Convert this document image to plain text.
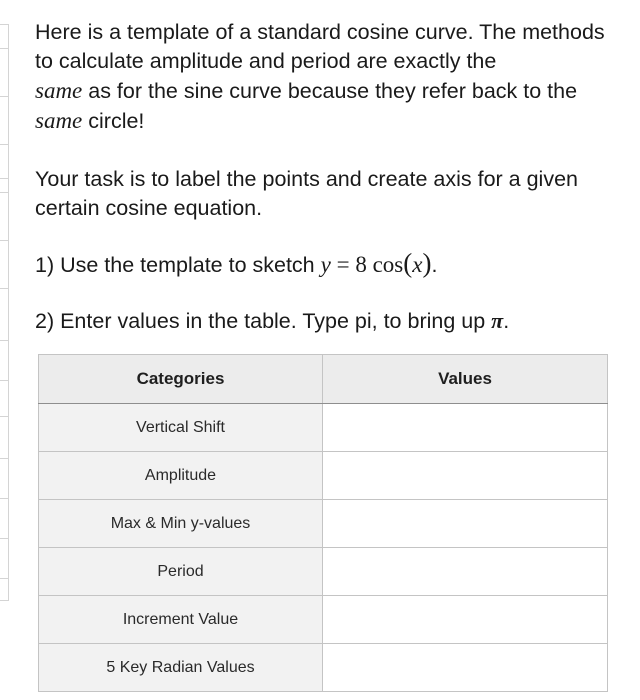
Here is a template of a standard cosine curve. The methods to calculate amplitude and period are exactly the
same as for the sine curve because they refer back to the
same circle!

Your task is to label the points and create axis for a given certain cosine equation.

1) Use the template to sketch y = 8 cos(x).

2) Enter values in the table. Type pi, to bring up π.

Categories	Values
Vertical Shift	
Amplitude	
Max & Min y-values	
Period	
Increment Value	
5 Key Radian Values	
